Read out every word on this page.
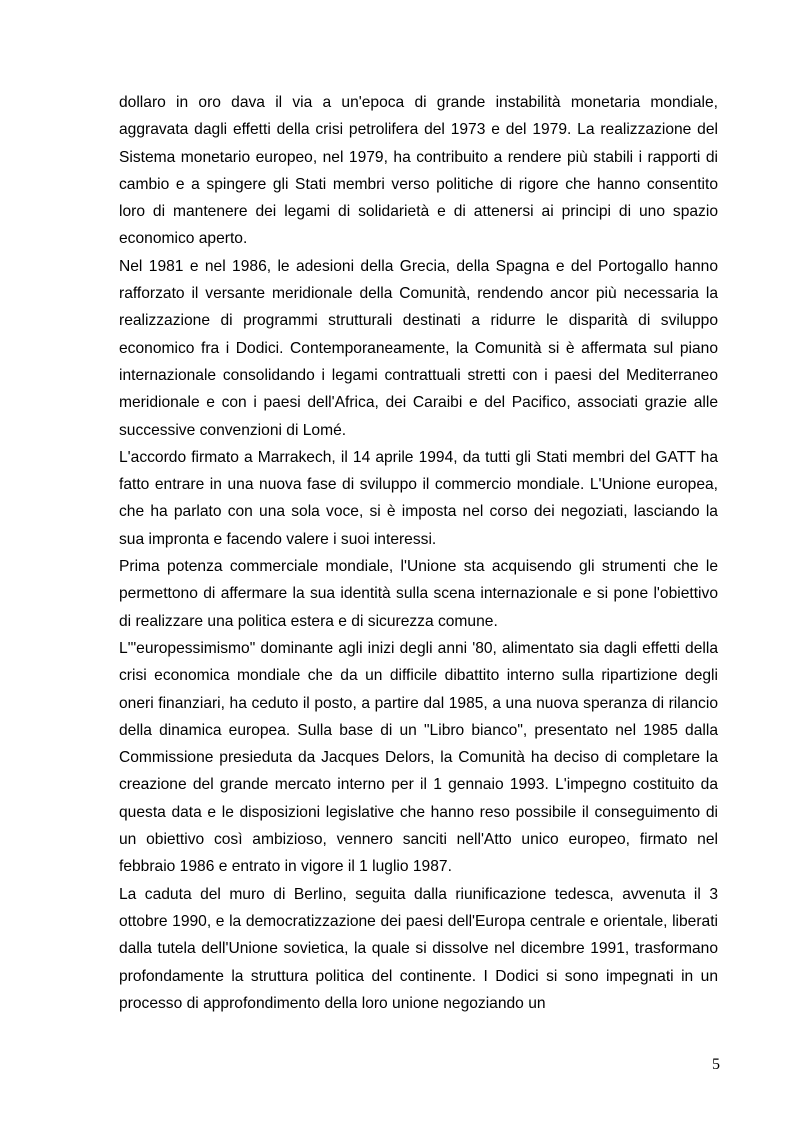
dollaro in oro dava il via a un'epoca di grande instabilità monetaria mondiale, aggravata dagli effetti della crisi petrolifera del 1973 e del 1979. La realizzazione del Sistema monetario europeo, nel 1979, ha contribuito a rendere più stabili i rapporti di cambio e a spingere gli Stati membri verso politiche di rigore che hanno consentito loro di mantenere dei legami di solidarietà e di attenersi ai principi di uno spazio economico aperto.

Nel 1981 e nel 1986, le adesioni della Grecia, della Spagna e del Portogallo hanno rafforzato il versante meridionale della Comunità, rendendo ancor più necessaria la realizzazione di programmi strutturali destinati a ridurre le disparità di sviluppo economico fra i Dodici. Contemporaneamente, la Comunità si è affermata sul piano internazionale consolidando i legami contrattuali stretti con i paesi del Mediterraneo meridionale e con i paesi dell'Africa, dei Caraibi e del Pacifico, associati grazie alle successive convenzioni di Lomé.

L'accordo firmato a Marrakech, il 14 aprile 1994, da tutti gli Stati membri del GATT ha fatto entrare in una nuova fase di sviluppo il commercio mondiale. L'Unione europea, che ha parlato con una sola voce, si è imposta nel corso dei negoziati, lasciando la sua impronta e facendo valere i suoi interessi.

Prima potenza commerciale mondiale, l'Unione sta acquisendo gli strumenti che le permettono di affermare la sua identità sulla scena internazionale e si pone l'obiettivo di realizzare una politica estera e di sicurezza comune.

L'"europessimismo" dominante agli inizi degli anni '80, alimentato sia dagli effetti della crisi economica mondiale che da un difficile dibattito interno sulla ripartizione degli oneri finanziari, ha ceduto il posto, a partire dal 1985, a una nuova speranza di rilancio della dinamica europea. Sulla base di un "Libro bianco", presentato nel 1985 dalla Commissione presieduta da Jacques Delors, la Comunità ha deciso di completare la creazione del grande mercato interno per il 1 gennaio 1993. L'impegno costituito da questa data e le disposizioni legislative che hanno reso possibile il conseguimento di un obiettivo così ambizioso, vennero sanciti nell'Atto unico europeo, firmato nel febbraio 1986 e entrato in vigore il 1 luglio 1987.

La caduta del muro di Berlino, seguita dalla riunificazione tedesca, avvenuta il 3 ottobre 1990, e la democratizzazione dei paesi dell'Europa centrale e orientale, liberati dalla tutela dell'Unione sovietica, la quale si dissolve nel dicembre 1991, trasformano profondamente la struttura politica del continente. I Dodici si sono impegnati in un processo di approfondimento della loro unione negoziando un

5
